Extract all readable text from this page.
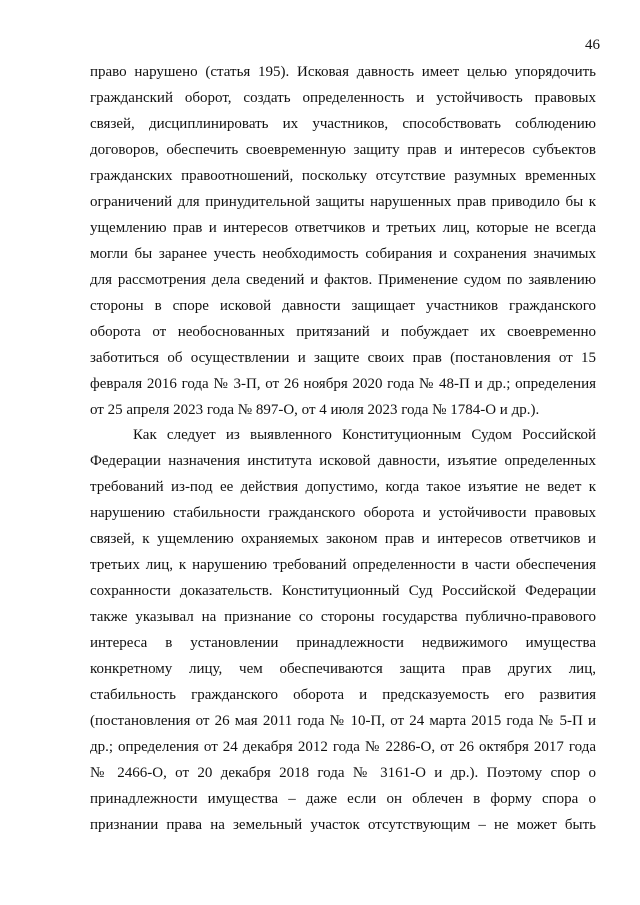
46
право нарушено (статья 195). Исковая давность имеет целью упорядочить
гражданский оборот, создать определенность и устойчивость правовых
связей, дисциплинировать их участников, способствовать соблюдению
договоров, обеспечить своевременную защиту прав и интересов субъектов
гражданских правоотношений, поскольку отсутствие разумных временных
ограничений для принудительной защиты нарушенных прав приводило бы к
ущемлению прав и интересов ответчиков и третьих лиц, которые не всегда
могли бы заранее учесть необходимость собирания и сохранения значимых
для рассмотрения дела сведений и фактов. Применение судом по заявлению
стороны в споре исковой давности защищает участников гражданского
оборота от необоснованных притязаний и побуждает их своевременно
заботиться об осуществлении и защите своих прав (постановления от 15
февраля 2016 года № 3-П, от 26 ноября 2020 года № 48-П и др.; определения
от 25 апреля 2023 года № 897-О, от 4 июля 2023 года № 1784-О и др.).
Как следует из выявленного Конституционным Судом Российской
Федерации назначения института исковой давности, изъятие определенных
требований из-под ее действия допустимо, когда такое изъятие не ведет к
нарушению стабильности гражданского оборота и устойчивости правовых
связей, к ущемлению охраняемых законом прав и интересов ответчиков и
третьих лиц, к нарушению требований определенности в части обеспечения
сохранности доказательств. Конституционный Суд Российской Федерации
также указывал на признание со стороны государства публично-правового
интереса в установлении принадлежности недвижимого имущества
конкретному лицу, чем обеспечиваются защита прав других лиц,
стабильность гражданского оборота и предсказуемость его развития
(постановления от 26 мая 2011 года № 10-П, от 24 марта 2015 года № 5-П и
др.; определения от 24 декабря 2012 года № 2286-О, от 26 октября 2017 года
№ 2466-О, от 20 декабря 2018 года № 3161-О и др.). Поэтому спор о
принадлежности имущества – даже если он облечен в форму спора о
признании права на земельный участок отсутствующим – не может быть
